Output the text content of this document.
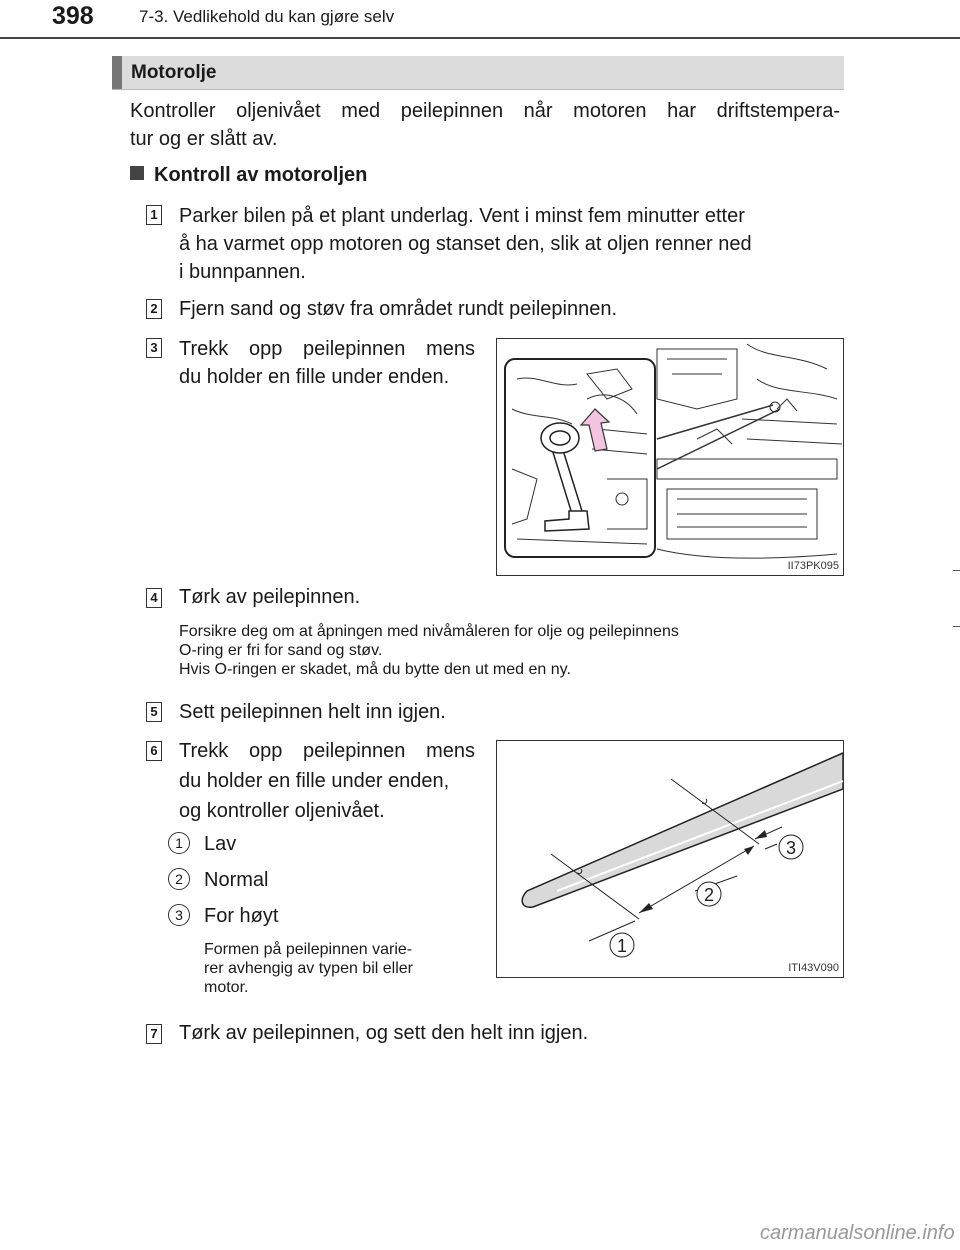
398	7-3. Vedlikehold du kan gjøre selv
Motorolje
Kontroller oljenivået med peilepinnen når motoren har driftstempera-
tur og er slått av.
Kontroll av motoroljen
1 Parker bilen på et plant underlag. Vent i minst fem minutter etter
å ha varmet opp motoren og stanset den, slik at oljen renner ned
i bunnpannen.
2 Fjern sand og støv fra området rundt peilepinnen.
3 Trekk opp peilepinnen mens
du holder en fille under enden.
II73PK095
4 Tørk av peilepinnen.
Forsikre deg om at åpningen med nivåmåleren for olje og peilepinnens
O-ring er fri for sand og støv.
Hvis O-ringen er skadet, må du bytte den ut med en ny.
5 Sett peilepinnen helt inn igjen.
6 Trekk opp peilepinnen mens
du holder en fille under enden,
og kontroller oljenivået.
1	Lav
2	Normal
3	For høyt
Formen på peilepinnen varie-
rer avhengig av typen bil eller
motor.
1
2
3
ITI43V090
7 Tørk av peilepinnen, og sett den helt inn igjen.
carmanualsonline.info
